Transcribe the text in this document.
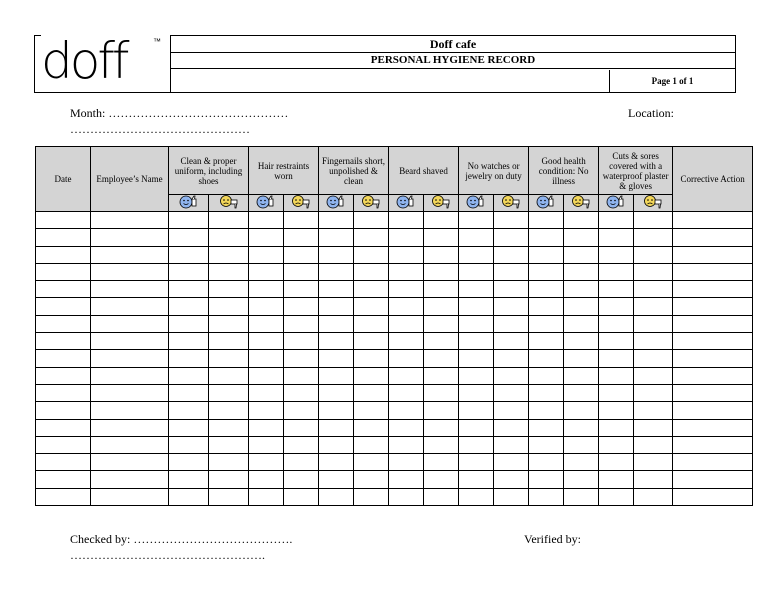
doff	™	Doff cafe
PERSONAL HYGIENE RECORD
Page 1 of 1
Month: ………………………………………
………………………………………
Location:
Date	Employee’s Name	Clean & proper uniform, including shoes		Hair restraints worn		Fingernails short, unpolished & clean		Beard shaved		No watches or jewelry on duty		Good health condition: No illness		Cuts & sores covered with a waterproof plaster & gloves		Corrective Action

Checked by: ………………………………….
………………………………………….
Verified by:
